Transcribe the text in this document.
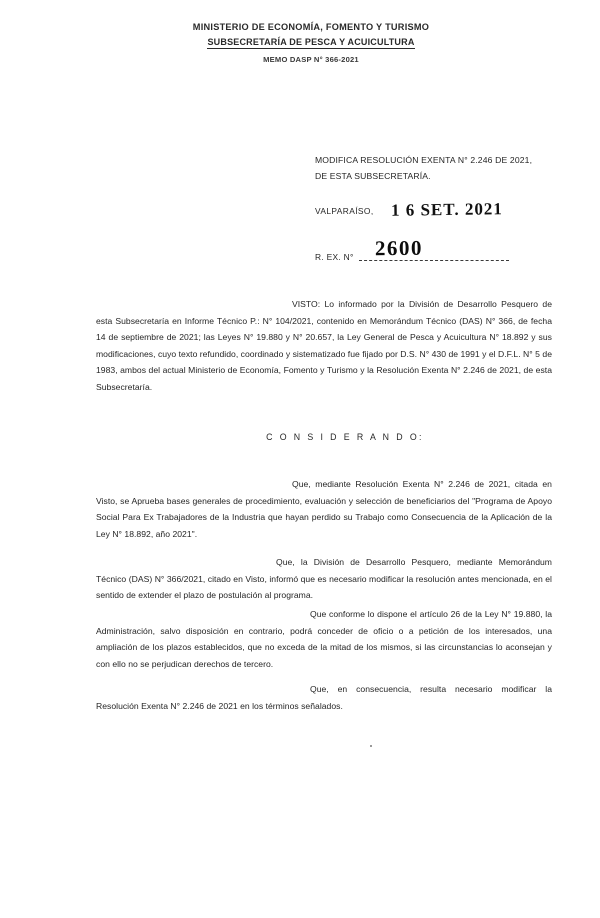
MINISTERIO DE ECONOMÍA, FOMENTO Y TURISMO
SUBSECRETARÍA DE PESCA Y ACUICULTURA
MEMO DASP N° 366-2021
MODIFICA RESOLUCIÓN EXENTA N° 2.246 DE 2021,
DE ESTA SUBSECRETARÍA.
VALPARAÍSO, 1 6 SET. 2021
R. EX. N° 2600

VISTO: Lo informado por la División de Desarrollo Pesquero de esta Subsecretaría en Informe Técnico P.: N° 104/2021, contenido en Memorándum Técnico (DAS) N° 366, de fecha 14 de septiembre de 2021; las Leyes N° 19.880 y N° 20.657, la Ley General de Pesca y Acuicultura N° 18.892 y sus modificaciones, cuyo texto refundido, coordinado y sistematizado fue fijado por D.S. N° 430 de 1991 y el D.F.L. N° 5 de 1983, ambos del actual Ministerio de Economía, Fomento y Turismo y la Resolución Exenta N° 2.246 de 2021, de esta Subsecretaría.

C O N S I D E R A N D O:

Que, mediante Resolución Exenta N° 2.246 de 2021, citada en Visto, se Aprueba bases generales de procedimiento, evaluación y selección de beneficiarios del "Programa de Apoyo Social Para Ex Trabajadores de la Industria que hayan perdido su Trabajo como Consecuencia de la Aplicación de la Ley N° 18.892, año 2021".

Que, la División de Desarrollo Pesquero, mediante Memorándum Técnico (DAS) N° 366/2021, citado en Visto, informó que es necesario modificar la resolución antes mencionada, en el sentido de extender el plazo de postulación al programa.

Que conforme lo dispone el artículo 26 de la Ley N° 19.880, la Administración, salvo disposición en contrario, podrá conceder de oficio o a petición de los interesados, una ampliación de los plazos establecidos, que no exceda de la mitad de los mismos, si las circunstancias lo aconsejan y con ello no se perjudican derechos de tercero.

Que, en consecuencia, resulta necesario modificar la Resolución Exenta N° 2.246 de 2021 en los términos señalados.
